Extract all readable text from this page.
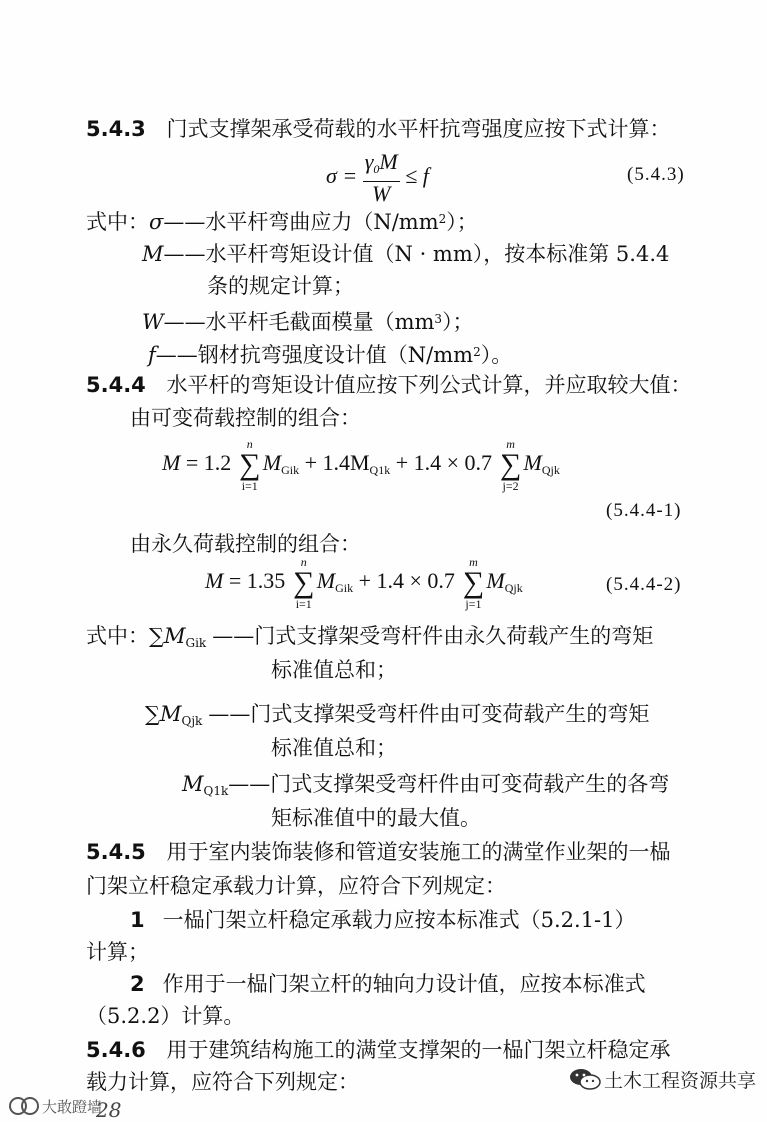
5.4.3 门式支撑架承受荷载的水平杆抗弯强度应按下式计算：
$\sigma = \frac{\gamma_0M}{W} \le f$	(5.4.3)
式中：σ——水平杆弯曲应力$(N/mm^2)$；
M——水平杆弯矩设计值（N · mm），按本标准第 5.4.4
条的规定计算；
W——水平杆毛截面模量$(mm^3)$；
f——钢材抗弯强度设计值$(N/mm^2)$。
5.4.4 水平杆的弯矩设计值应按下列公式计算，并应取较大值：
由可变荷载控制的组合：
M = 1.2
n
∑
i=1
$M_{Gik} + 1.4M_{Q1k} + 1.4 \times 0.7$
m
∑
j=2
$M_{Qjk}$
(5.4.4-1)
由永久荷载控制的组合：
M = 1.35
n
∑
i=1
$M_{Gik} + 1.4 \times 0.7$
m
∑
j=1
$M_{Qjk}$	(5.4.4-2)
式中：$\sum M_{Gik}$ ——门式支撑架受弯杆件由永久荷载产生的弯矩
标准值总和；
$\sum M_{Qjk}$ ——门式支撑架受弯杆件由可变荷载产生的弯矩
标准值总和；
$M_{Q1k}——$门式支撑架受弯杆件由可变荷载产生的各弯
矩标准值中的最大值。
5.4.5 用于室内装饰装修和管道安装施工的满堂作业架的一榀
门架立杆稳定承载力计算，应符合下列规定：
1 一榀门架立杆稳定承载力应按本标准式（5.2.1-1）
计算；
2 作用于一榀门架立杆的轴向力设计值，应按本标准式
（5.2.2）计算。
5.4.6 用于建筑结构施工的满堂支撑架的一榀门架立杆稳定承
载力计算，应符合下列规定：
28
大敢蹬墙
土木工程资源共享
